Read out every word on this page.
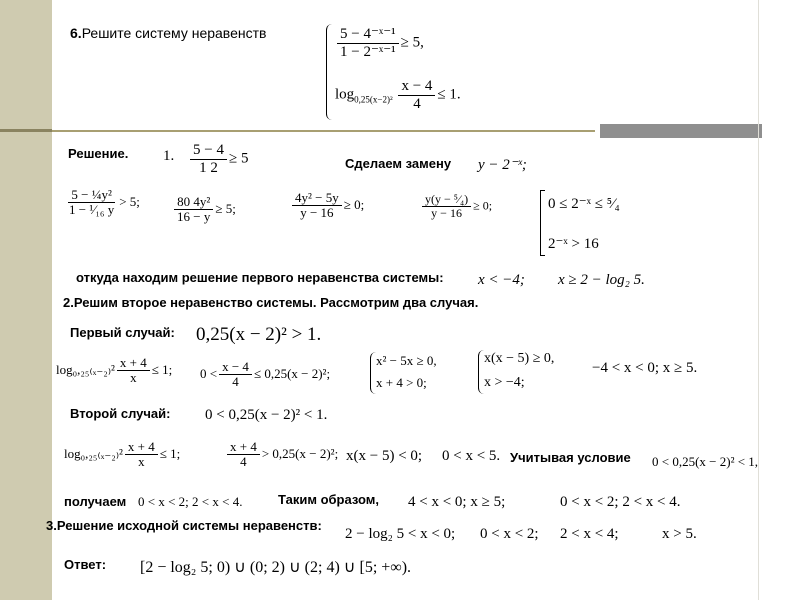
6.Решите систему неравенств	$\frac{\text{5 − 4⁻ˣ⁻¹}}{\text{1 − 2⁻ˣ⁻¹}} \ge 5$,
$\log_{0,25(x-2)^2} \frac{x - 4}{4} \le 1$.
Решение. 1. $\frac{5 - 4}{1 2} \ge 5$	Сделаем замену y − 2⁻ˣ;
$\frac{\text{5 − ¼y²}}{\text{1 − ¹⁄₁₆ y}} > 5$;	$\frac{\text{80 4y²}}{16 - y} \ge 5$;	$\frac{\text{4y² − 5y}}{y - 16} \ge 0$;	$\frac{\text{y(y − ⁵⁄₄)}}{y - 16} \ge 0$;	0 ≤ 2⁻ˣ ≤ ⁵⁄₄
2⁻ˣ > 16
откуда находим решение первого неравенства системы: x < −4; x ≥ 2 − log₂ 5.
2.Решим второе неравенство системы. Рассмотрим два случая.
Первый случай: 0,25(x − 2)² > 1.
$\log_0,_{25(x-2)}^2 \frac{x + 4}{x} \le 1$; $0 < \frac{x - 4}{4} \le 0,25(x - 2)^2$;
x² − 5x ≥ 0,
x + 4 > 0;
x(x − 5) ≥ 0,
x > −4;
−4 < x < 0; x ≥ 5.
Второй случай: 0 < 0,25(x − 2)² < 1.
$\log_0,_{25(x-2)}^2 \frac{x + 4}{x} \le 1$;	$\frac{x + 4}{4} > 0,25(x - 2)^2$; x(x − 5) < 0; 0 < x < 5. Учитывая условие 0 < 0,25(x − 2)² < 1,
получаем 0 < x < 2; 2 < x < 4.	Таким образом, 4 < x < 0; x ≥ 5;	0 < x < 2; 2 < x < 4.
3.Решение исходной системы неравенств:
2 − log₂ 5 < x < 0; 0 < x < 2; 2 < x < 4;	x > 5.
Ответ: [2 − log₂ 5; 0) ∪ (0; 2) ∪ (2; 4) ∪ [5; +∞).
